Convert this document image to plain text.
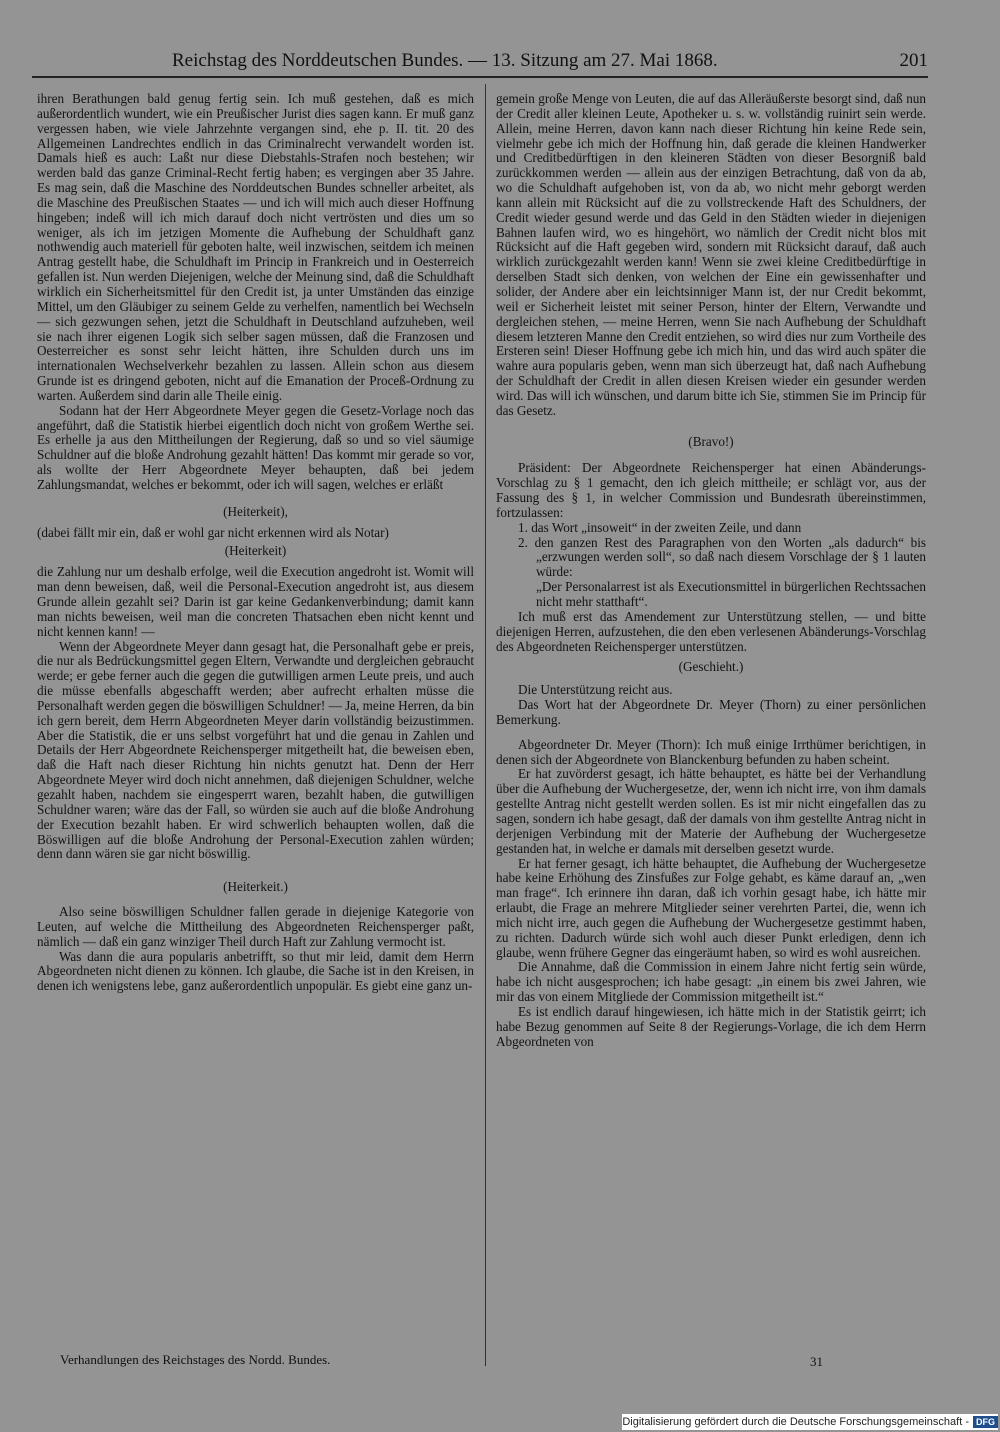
Reichstag des Norddeutschen Bundes. — 13. Sitzung am 27. Mai 1868.	201

ihren Berathungen bald genug fertig sein. Ich muß gestehen, daß es mich außerordentlich wundert, wie ein Preußischer Jurist dies sagen kann. Er muß ganz vergessen haben, wie viele Jahrzehnte vergangen sind, ehe p. II. tit. 20 des Allgemeinen Landrechtes endlich in das Criminalrecht verwandelt worden ist. Damals hieß es auch: Laßt nur diese Diebstahls-Strafen noch bestehen; wir werden bald das ganze Criminal-Recht fertig haben; es vergingen aber 35 Jahre. Es mag sein, daß die Maschine des Norddeutschen Bundes schneller arbeitet, als die Maschine des Preußischen Staates — und ich will mich auch dieser Hoffnung hingeben; indeß will ich mich darauf doch nicht vertrösten und dies um so weniger, als ich im jetzigen Momente die Aufhebung der Schuldhaft ganz nothwendig auch materiell für geboten halte, weil inzwischen, seitdem ich meinen Antrag gestellt habe, die Schuldhaft im Princip in Frankreich und in Oesterreich gefallen ist. Nun werden Diejenigen, welche der Meinung sind, daß die Schuldhaft wirklich ein Sicherheitsmittel für den Credit ist, ja unter Umständen das einzige Mittel, um den Gläubiger zu seinem Gelde zu verhelfen, namentlich bei Wechseln — sich gezwungen sehen, jetzt die Schuldhaft in Deutschland aufzuheben, weil sie nach ihrer eigenen Logik sich selber sagen müssen, daß die Franzosen und Oesterreicher es sonst sehr leicht hätten, ihre Schulden durch uns im internationalen Wechselverkehr bezahlen zu lassen. Allein schon aus diesem Grunde ist es dringend geboten, nicht auf die Emanation der Proceß-Ordnung zu warten. Außerdem sind darin alle Theile einig.

Sodann hat der Herr Abgeordnete Meyer gegen die Gesetz-Vorlage noch das angeführt, daß die Statistik hierbei eigentlich doch nicht von großem Werthe sei. Es erhelle ja aus den Mittheilungen der Regierung, daß so und so viel säumige Schuldner auf die bloße Androhung gezahlt hätten! Das kommt mir gerade so vor, als wollte der Herr Abgeordnete Meyer behaupten, daß bei jedem Zahlungsmandat, welches er bekommt, oder ich will sagen, welches er erläßt

(Heiterkeit),

(dabei fällt mir ein, daß er wohl gar nicht erkennen wird als Notar)

(Heiterkeit)

die Zahlung nur um deshalb erfolge, weil die Execution angedroht ist. Womit will man denn beweisen, daß, weil die Personal-Execution angedroht ist, aus diesem Grunde allein gezahlt sei? Darin ist gar keine Gedankenverbindung; damit kann man nichts beweisen, weil man die concreten Thatsachen eben nicht kennt und nicht kennen kann! —

Wenn der Abgeordnete Meyer dann gesagt hat, die Personalhaft gebe er preis, die nur als Bedrückungsmittel gegen Eltern, Verwandte und dergleichen gebraucht werde; er gebe ferner auch die gegen die gutwilligen armen Leute preis, und auch die müsse ebenfalls abgeschafft werden; aber aufrecht erhalten müsse die Personalhaft werden gegen die böswilligen Schuldner! — Ja, meine Herren, da bin ich gern bereit, dem Herrn Abgeordneten Meyer darin vollständig beizustimmen. Aber die Statistik, die er uns selbst vorgeführt hat und die genau in Zahlen und Details der Herr Abgeordnete Reichensperger mitgetheilt hat, die beweisen eben, daß die Haft nach dieser Richtung hin nichts genutzt hat. Denn der Herr Abgeordnete Meyer wird doch nicht annehmen, daß diejenigen Schuldner, welche gezahlt haben, nachdem sie eingesperrt waren, bezahlt haben, die gutwilligen Schuldner waren; wäre das der Fall, so würden sie auch auf die bloße Androhung der Execution bezahlt haben. Er wird schwerlich behaupten wollen, daß die Böswilligen auf die bloße Androhung der Personal-Execution zahlen würden; denn dann wären sie gar nicht böswillig.

(Heiterkeit.)

Also seine böswilligen Schuldner fallen gerade in diejenige Kategorie von Leuten, auf welche die Mittheilung des Abgeordneten Reichensperger paßt, nämlich — daß ein ganz winziger Theil durch Haft zur Zahlung vermocht ist.

Was dann die aura popularis anbetrifft, so thut mir leid, damit dem Herrn Abgeordneten nicht dienen zu können. Ich glaube, die Sache ist in den Kreisen, in denen ich wenigstens lebe, ganz außerordentlich unpopulär. Es giebt eine ganz un-

gemein große Menge von Leuten, die auf das Alleräußerste besorgt sind, daß nun der Credit aller kleinen Leute, Apotheker u. s. w. vollständig ruinirt sein werde. Allein, meine Herren, davon kann nach dieser Richtung hin keine Rede sein, vielmehr gebe ich mich der Hoffnung hin, daß gerade die kleinen Handwerker und Creditbedürftigen in den kleineren Städten von dieser Besorgniß bald zurückkommen werden — allein aus der einzigen Betrachtung, daß von da ab, wo die Schuldhaft aufgehoben ist, von da ab, wo nicht mehr geborgt werden kann allein mit Rücksicht auf die zu vollstreckende Haft des Schuldners, der Credit wieder gesund werde und das Geld in den Städten wieder in diejenigen Bahnen laufen wird, wo es hingehört, wo nämlich der Credit nicht blos mit Rücksicht auf die Haft gegeben wird, sondern mit Rücksicht darauf, daß auch wirklich zurückgezahlt werden kann! Wenn sie zwei kleine Creditbedürftige in derselben Stadt sich denken, von welchen der Eine ein gewissenhafter und solider, der Andere aber ein leichtsinniger Mann ist, der nur Credit bekommt, weil er Sicherheit leistet mit seiner Person, hinter der Eltern, Verwandte und dergleichen stehen, — meine Herren, wenn Sie nach Aufhebung der Schuldhaft diesem letzteren Manne den Credit entziehen, so wird dies nur zum Vortheile des Ersteren sein! Dieser Hoffnung gebe ich mich hin, und das wird auch später die wahre aura popularis geben, wenn man sich überzeugt hat, daß nach Aufhebung der Schuldhaft der Credit in allen diesen Kreisen wieder ein gesunder werden wird. Das will ich wünschen, und darum bitte ich Sie, stimmen Sie im Princip für das Gesetz.

(Bravo!)

Präsident: Der Abgeordnete Reichensperger hat einen Abänderungs-Vorschlag zu § 1 gemacht, den ich gleich mittheile; er schlägt vor, aus der Fassung des § 1, in welcher Commission und Bundesrath übereinstimmen, fortzulassen:

1. das Wort „insoweit“ in der zweiten Zeile, und dann

2. den ganzen Rest des Paragraphen von den Worten „als dadurch“ bis „erzwungen werden soll“, so daß nach diesem Vorschlage der § 1 lauten würde:

„Der Personalarrest ist als Executionsmittel in bürgerlichen Rechtssachen nicht mehr statthaft“.

Ich muß erst das Amendement zur Unterstützung stellen, — und bitte diejenigen Herren, aufzustehen, die den eben verlesenen Abänderungs-Vorschlag des Abgeordneten Reichensperger unterstützen.

(Geschieht.)

Die Unterstützung reicht aus.

Das Wort hat der Abgeordnete Dr. Meyer (Thorn) zu einer persönlichen Bemerkung.

Abgeordneter Dr. Meyer (Thorn): Ich muß einige Irrthümer berichtigen, in denen sich der Abgeordnete von Blanckenburg befunden zu haben scheint.

Er hat zuvörderst gesagt, ich hätte behauptet, es hätte bei der Verhandlung über die Aufhebung der Wuchergesetze, der, wenn ich nicht irre, von ihm damals gestellte Antrag nicht gestellt werden sollen. Es ist mir nicht eingefallen das zu sagen, sondern ich habe gesagt, daß der damals von ihm gestellte Antrag nicht in derjenigen Verbindung mit der Materie der Aufhebung der Wuchergesetze gestanden hat, in welche er damals mit derselben gesetzt wurde.

Er hat ferner gesagt, ich hätte behauptet, die Aufhebung der Wuchergesetze habe keine Erhöhung des Zinsfußes zur Folge gehabt, es käme darauf an, „wen man frage“. Ich erinnere ihn daran, daß ich vorhin gesagt habe, ich hätte mir erlaubt, die Frage an mehrere Mitglieder seiner verehrten Partei, die, wenn ich mich nicht irre, auch gegen die Aufhebung der Wuchergesetze gestimmt haben, zu richten. Dadurch würde sich wohl auch dieser Punkt erledigen, denn ich glaube, wenn frühere Gegner das eingeräumt haben, so wird es wohl ausreichen.

Die Annahme, daß die Commission in einem Jahre nicht fertig sein würde, habe ich nicht ausgesprochen; ich habe gesagt: „in einem bis zwei Jahren, wie mir das von einem Mitgliede der Commission mitgetheilt ist.“

Es ist endlich darauf hingewiesen, ich hätte mich in der Statistik geirrt; ich habe Bezug genommen auf Seite 8 der Regierungs-Vorlage, die ich dem Herrn Abgeordneten von

Verhandlungen des Reichstages des Nordd. Bundes.	31
Digitalisierung gefördert durch die Deutsche Forschungsgemeinschaft - DFG
